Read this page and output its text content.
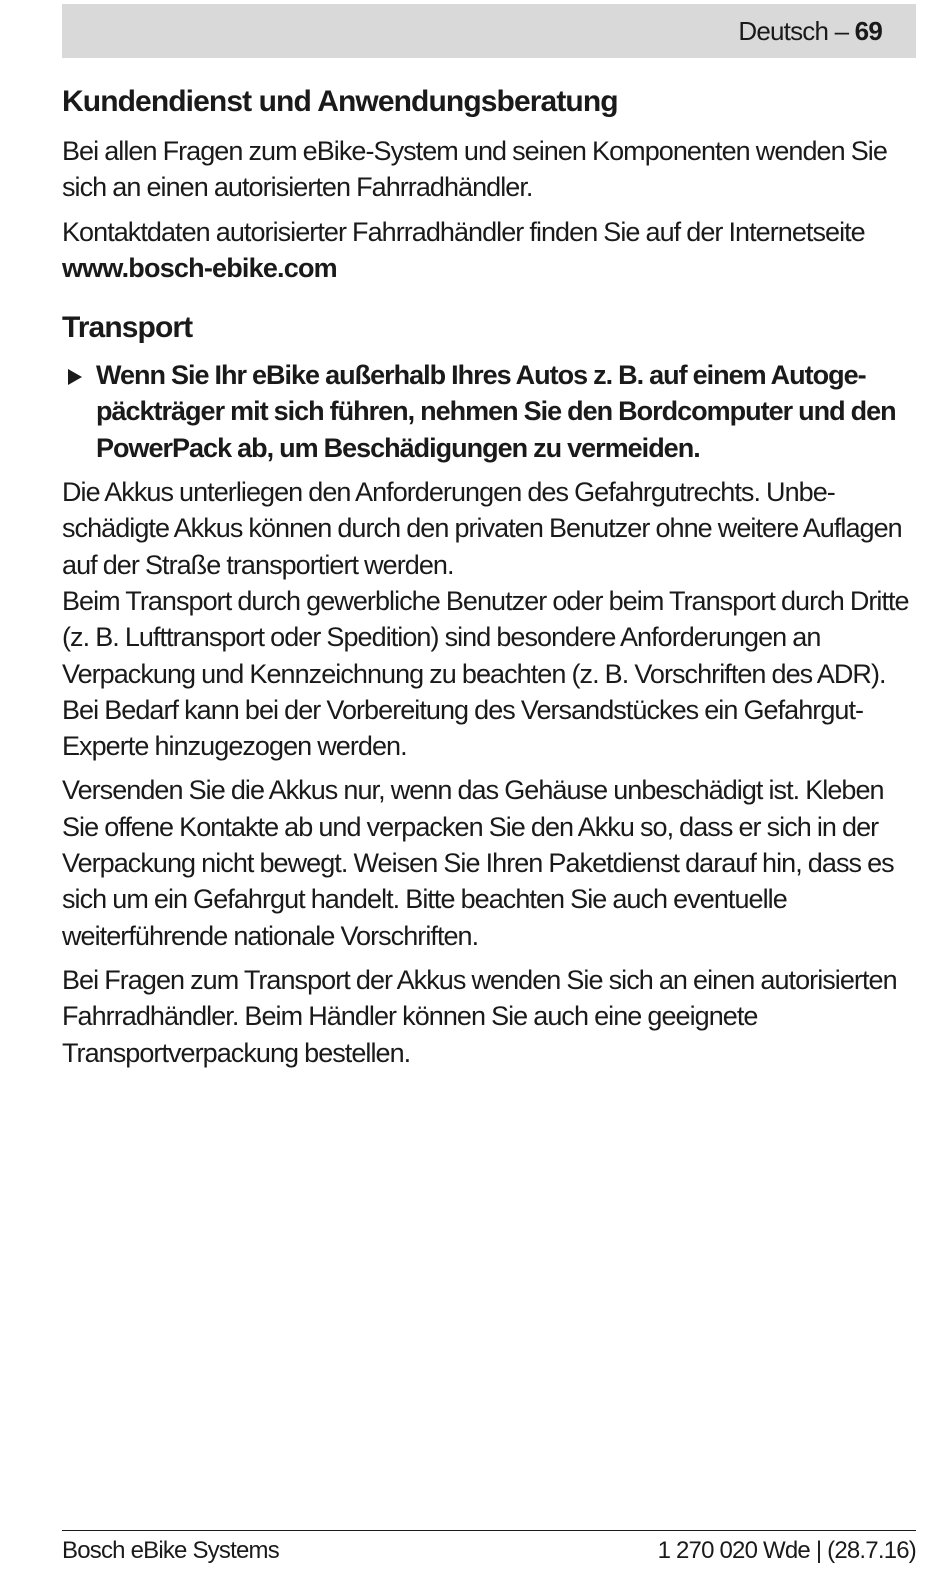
Deutsch – 69
Kundendienst und Anwendungsberatung

Bei allen Fragen zum eBike-System und seinen Komponenten wenden Sie sich an einen autorisierten Fahrradhändler.

Kontaktdaten autorisierter Fahrradhändler finden Sie auf der Internetseite
www.bosch-ebike.com

Transport

Wenn Sie Ihr eBike außerhalb Ihres Autos z. B. auf einem Autogepäckträger mit sich führen, nehmen Sie den Bordcomputer und den PowerPack ab, um Beschädigungen zu vermeiden.

Die Akkus unterliegen den Anforderungen des Gefahrgutrechts. Unbeschädigte Akkus können durch den privaten Benutzer ohne weitere Auflagen auf der Straße transportiert werden.

Beim Transport durch gewerbliche Benutzer oder beim Transport durch Dritte (z. B. Lufttransport oder Spedition) sind besondere Anforderungen an Verpackung und Kennzeichnung zu beachten (z. B. Vorschriften des ADR). Bei Bedarf kann bei der Vorbereitung des Versandstückes ein Gefahrgut-Experte hinzugezogen werden.

Versenden Sie die Akkus nur, wenn das Gehäuse unbeschädigt ist. Kleben Sie offene Kontakte ab und verpacken Sie den Akku so, dass er sich in der Verpackung nicht bewegt. Weisen Sie Ihren Paketdienst darauf hin, dass es sich um ein Gefahrgut handelt. Bitte beachten Sie auch eventuelle weiterführende nationale Vorschriften.

Bei Fragen zum Transport der Akkus wenden Sie sich an einen autorisierten Fahrradhändler. Beim Händler können Sie auch eine geeignete Transportverpackung bestellen.

Bosch eBike Systems	1 270 020 Wde | (28.7.16)
